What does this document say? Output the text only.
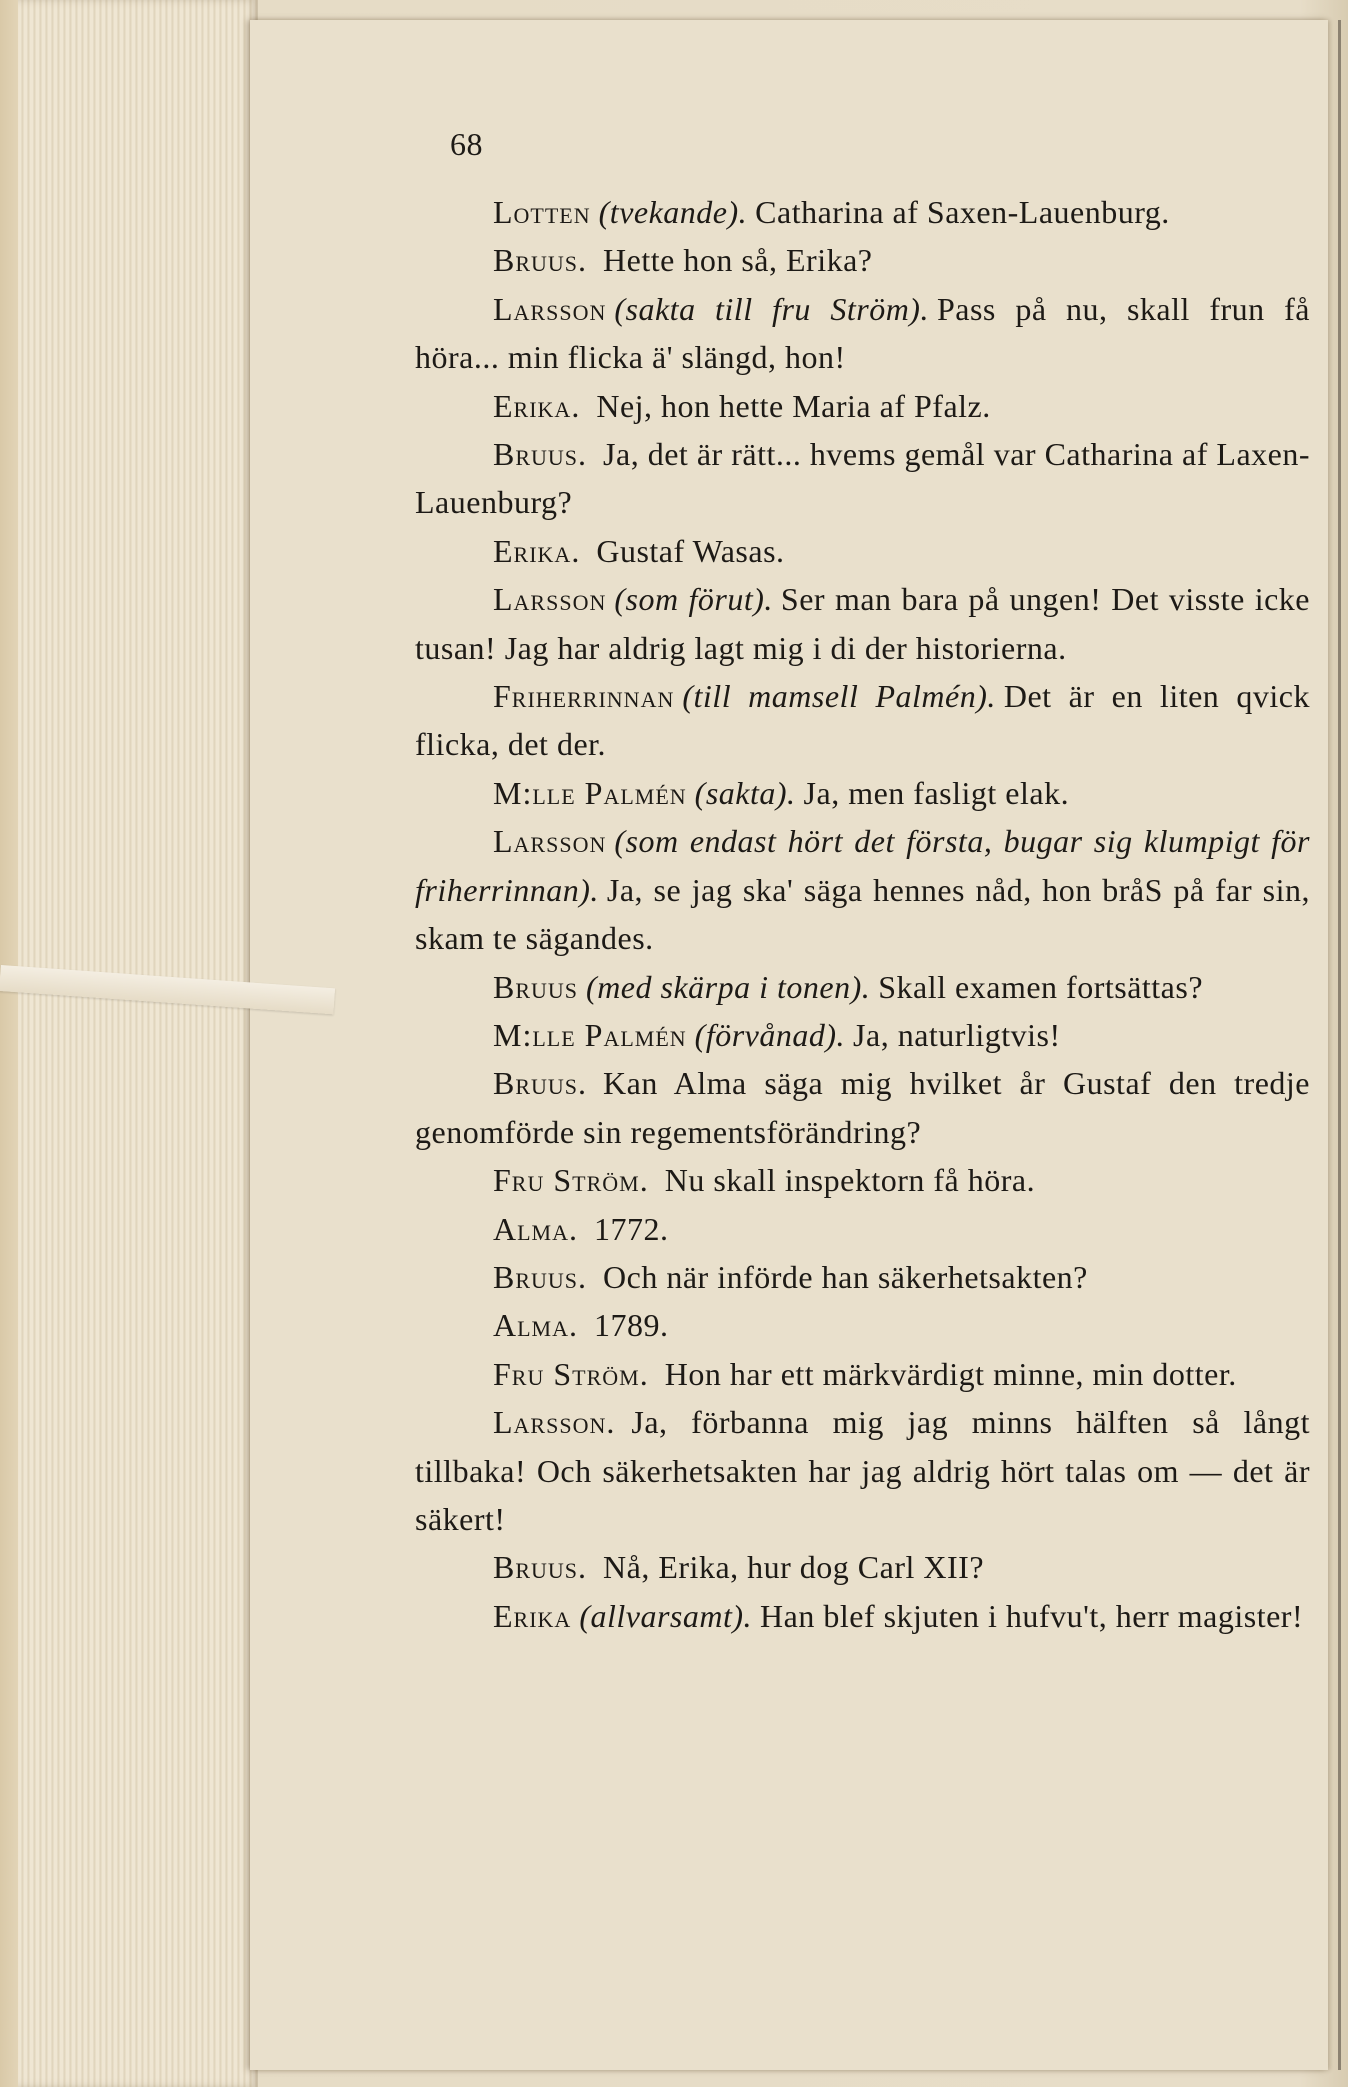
68

Lotten (tvekande). Catharina af Saxen-Lauenburg.

Bruus. Hette hon så, Erika?

Larsson (sakta till fru Ström). Pass på nu, skall frun få höra... min flicka ä' slängd, hon!

Erika. Nej, hon hette Maria af Pfalz.

Bruus. Ja, det är rätt... hvems gemål var Catharina af Laxen-Lauenburg?

Erika. Gustaf Wasas.

Larsson (som förut). Ser man bara på ungen! Det visste icke tusan! Jag har aldrig lagt mig i di der historierna.

Friherrinnan (till mamsell Palmén). Det är en liten qvick flicka, det der.

M:lle Palmén (sakta). Ja, men fasligt elak.

Larsson (som endast hört det första, bugar sig klumpigt för friherrinnan). Ja, se jag ska' säga hennes nåd, hon bråS på far sin, skam te sägandes.

Bruus (med skärpa i tonen). Skall examen fortsättas?

M:lle Palmén (förvånad). Ja, naturligtvis!

Bruus. Kan Alma säga mig hvilket år Gustaf den tredje genomförde sin regementsförändring?

Fru Ström. Nu skall inspektorn få höra.

Alma. 1772.

Bruus. Och när införde han säkerhetsakten?

Alma. 1789.

Fru Ström. Hon har ett märkvärdigt minne, min dotter.

Larsson. Ja, förbanna mig jag minns hälften så långt tillbaka! Och säkerhetsakten har jag aldrig hört talas om — det är säkert!

Bruus. Nå, Erika, hur dog Carl XII?

Erika (allvarsamt). Han blef skjuten i hufvu't, herr magister!
